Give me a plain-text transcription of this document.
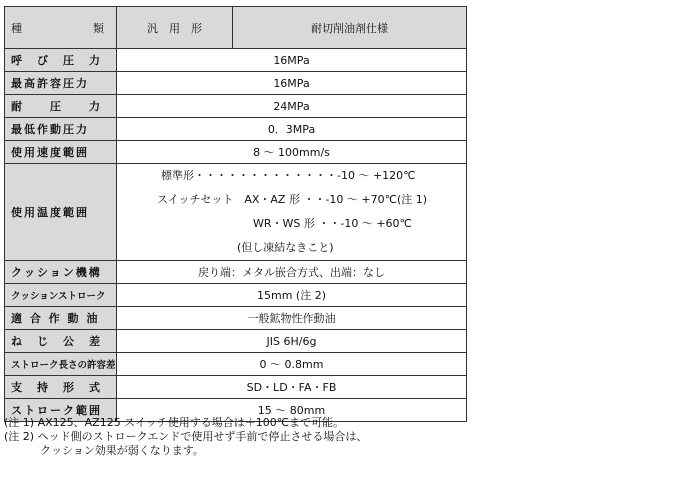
種 類	汎　用　形	耐切削油剤仕様
呼　び　圧　力	16MPa	
最高許容圧力	16MPa	
耐　　圧　　力	24MPa	
最低作動圧力	0．3MPa	
使用速度範囲	8 ～ 100mm/s	
使用温度範囲	標準形・・・・・・・・・・・・・-10 ～ +120℃
スイッチセット　AX・AZ 形 ・・-10 ～ +70℃(注 1)
WR・WS 形 ・・-10 ～ +60℃
(但し凍結なきこと)	

クッション機構	戻り端：メタル嵌合方式、出端：なし	
クッションストローク	15mm (注 2)	
適 合 作 動 油	一般鉱物性作動油	
ね　じ　公　差	JIS 6H/6g	
ストローク長さの許容差	0 ～ 0.8mm	
支　持　形　式	SD・LD・FA・FB	
ストローク範囲	15 ～ 80mm	
(注 1) AX125、AZ125 スイッチ使用する場合は＋100℃まで可能。
(注 2) ヘッド側のストロークエンドで使用せず手前で停止させる場合は、
クッション効果が弱くなります。
